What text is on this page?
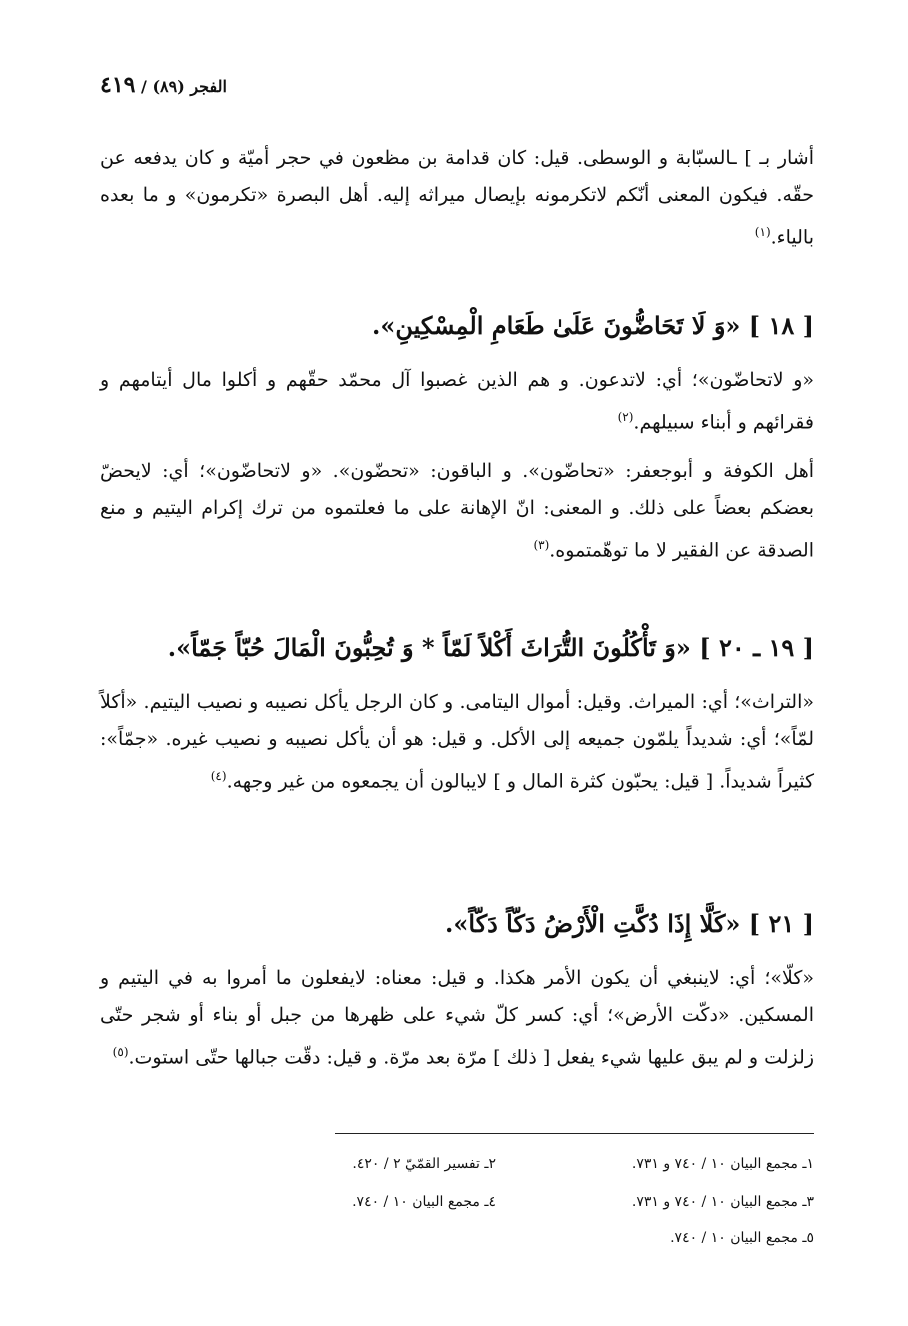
الفجر (٨٩) / ٤١٩

أشار بـ ] ـالسبّابة و الوسطى. قيل: كان قدامة بن مظعون في حجر أميّة و كان يدفعه عن حقّه. فيكون المعنى أنّكم لاتكرمونه بإيصال ميراثه إليه. أهل البصرة «تكرمون» و ما بعده بالياء.$^{(١)}$

[ ١٨ ] «وَ لَا تَحَاضُّونَ عَلَىٰ طَعَامِ الْمِسْكِينِ».

«و لاتحاضّون»؛ أي: لاتدعون. و هم الذين غصبوا آل محمّد حقّهم و أكلوا مال أيتامهم و فقرائهم و أبناء سبيلهم.$^{(٢)}$

أهل الكوفة و أبوجعفر: «تحاضّون». و الباقون: «تحضّون». «و لاتحاضّون»؛ أي: لايحضّ بعضكم بعضاً على ذلك. و المعنى: انّ الإهانة على ما فعلتموه من ترك إكرام اليتيم و منع الصدقة عن الفقير لا ما توهّمتموه.$^{(٣)}$

[ ١٩ ـ ٢٠ ] «وَ تَأْكُلُونَ التُّرَاثَ أَكْلاً لَمّاً * وَ تُحِبُّونَ الْمَالَ حُبّاً جَمّاً».

«التراث»؛ أي: الميراث. وقيل: أموال اليتامى. و كان الرجل يأكل نصيبه و نصيب اليتيم. «أكلاً لمّاً»؛ أي: شديداً يلمّون جميعه إلى الأكل. و قيل: هو أن يأكل نصيبه و نصيب غيره. «جمّاً»: كثيراً شديداً. [ قيل: يحبّون كثرة المال و ] لايبالون أن يجمعوه من غير وجهه.$^{(٤)}$

[ ٢١ ] «كَلَّا إِذَا دُكَّتِ الْأَرْضُ دَكّاً دَكّاً».

«كلّا»؛ أي: لاينبغي أن يكون الأمر هكذا. و قيل: معناه: لايفعلون ما أمروا به في اليتيم و المسكين. «دكّت الأرض»؛ أي: كسر كلّ شيء على ظهرها من جبل أو بناء أو شجر حتّى زلزلت و لم يبق عليها شيء يفعل [ ذلك ] مرّة بعد مرّة. و قيل: دقّت جبالها حتّى استوت.$^{(٥)}$

١ـ مجمع البيان ١٠ / ٧٤٠ و ٧٣١.
٢ـ تفسير القمّيّ ٢ / ٤٢٠.
٣ـ مجمع البيان ١٠ / ٧٤٠ و ٧٣١.
٤ـ مجمع البيان ١٠ / ٧٤٠.
٥ـ مجمع البيان ١٠ / ٧٤٠.
